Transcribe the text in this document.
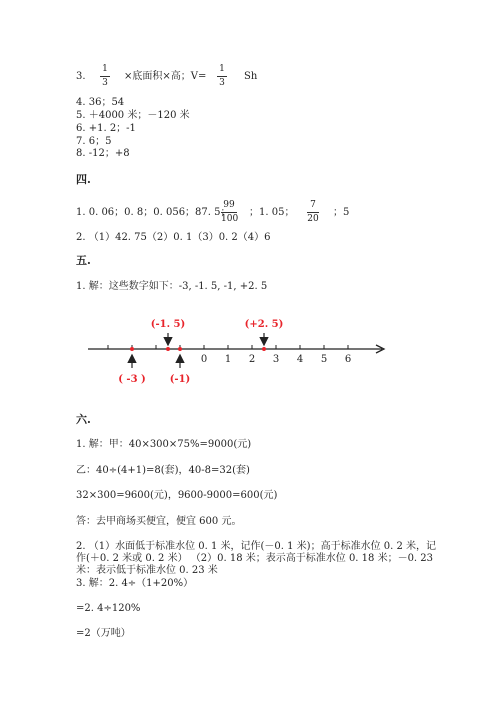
3.
1
3
×底面积×高；V=
1
3
Sh
4. 36；54
5. ＋4000 米；－120 米
6. +1. 2；-1
7. 6；5
8. -12；+8
四.
1. 0. 06；0. 8；0. 056；87. 5；
99
100
；1. 05；
7
20
；5
2. （1）42. 75（2）0. 1（3）0. 2（4）6
五.
1. 解：这些数字如下：-3, -1. 5, -1, +2. 5
0 1 2 3 4 5 6
(-1. 5)	(+2. 5)
( -3 ) (-1)
六.
1. 解：甲：40×300×75%=9000(元)
乙：40÷(4+1)=8(套)，40-8=32(套)
32×300=9600(元)，9600-9000=600(元)
答：去甲商场买便宜，便宜 600 元。
2. （1）水面低于标准水位 0. 1 米，记作(－0. 1 米)；高于标准水位 0. 2 米，记
作(＋0. 2 米或 0. 2 米） （2）0. 18 米；表示高于标准水位 0. 18 米；－0. 23
米：表示低于标准水位 0. 23 米
3. 解：2. 4÷（1+20%）
=2. 4÷120%
=2（万吨）
